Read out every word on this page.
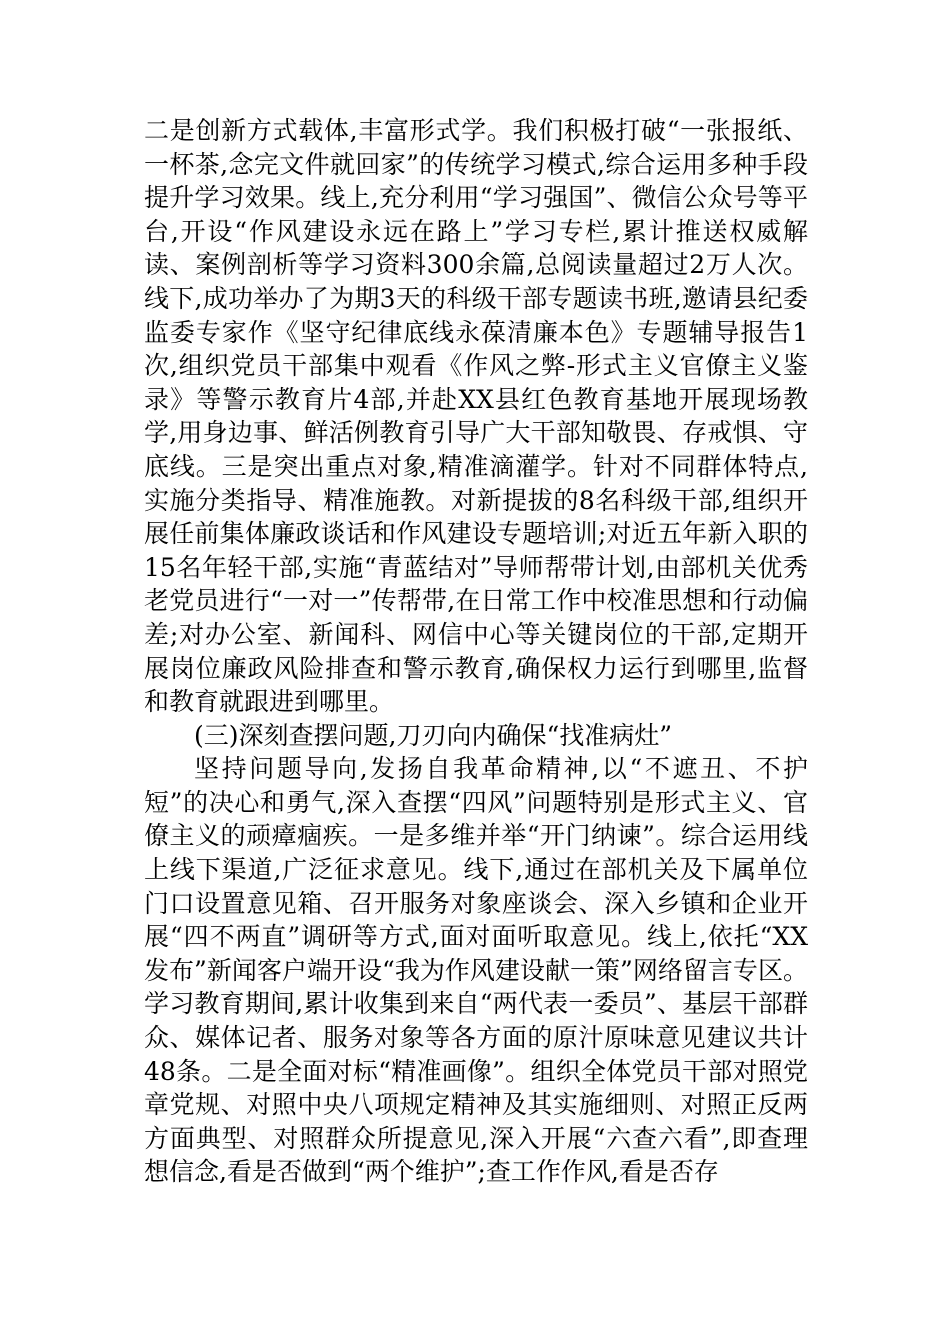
二是创新方式载体,丰富形式学。我们积极打破“一张报纸、一杯茶,念完文件就回家”的传统学习模式,综合运用多种手段提升学习效果。线上,充分利用“学习强国”、微信公众号等平台,开设“作风建设永远在路上”学习专栏,累计推送权威解读、案例剖析等学习资料300余篇,总阅读量超过2万人次。线下,成功举办了为期3天的科级干部专题读书班,邀请县纪委监委专家作《坚守纪律底线永葆清廉本色》专题辅导报告1次,组织党员干部集中观看《作风之弊-形式主义官僚主义鉴录》等警示教育片4部,并赴XX县红色教育基地开展现场教学,用身边事、鲜活例教育引导广大干部知敬畏、存戒惧、守底线。三是突出重点对象,精准滴灌学。针对不同群体特点,实施分类指导、精准施教。对新提拔的8名科级干部,组织开展任前集体廉政谈话和作风建设专题培训;对近五年新入职的15名年轻干部,实施“青蓝结对”导师帮带计划,由部机关优秀老党员进行“一对一”传帮带,在日常工作中校准思想和行动偏差;对办公室、新闻科、网信中心等关键岗位的干部,定期开展岗位廉政风险排查和警示教育,确保权力运行到哪里,监督和教育就跟进到哪里。

(三)深刻查摆问题,刀刃向内确保“找准病灶”

坚持问题导向,发扬自我革命精神,以“不遮丑、不护短”的决心和勇气,深入查摆“四风”问题特别是形式主义、官僚主义的顽瘴痼疾。一是多维并举“开门纳谏”。综合运用线上线下渠道,广泛征求意见。线下,通过在部机关及下属单位门口设置意见箱、召开服务对象座谈会、深入乡镇和企业开展“四不两直”调研等方式,面对面听取意见。线上,依托“XX发布”新闻客户端开设“我为作风建设献一策”网络留言专区。学习教育期间,累计收集到来自“两代表一委员”、基层干部群众、媒体记者、服务对象等各方面的原汁原味意见建议共计48条。二是全面对标“精准画像”。组织全体党员干部对照党章党规、对照中央八项规定精神及其实施细则、对照正反两方面典型、对照群众所提意见,深入开展“六查六看”,即查理想信念,看是否做到“两个维护”;查工作作风,看是否存
